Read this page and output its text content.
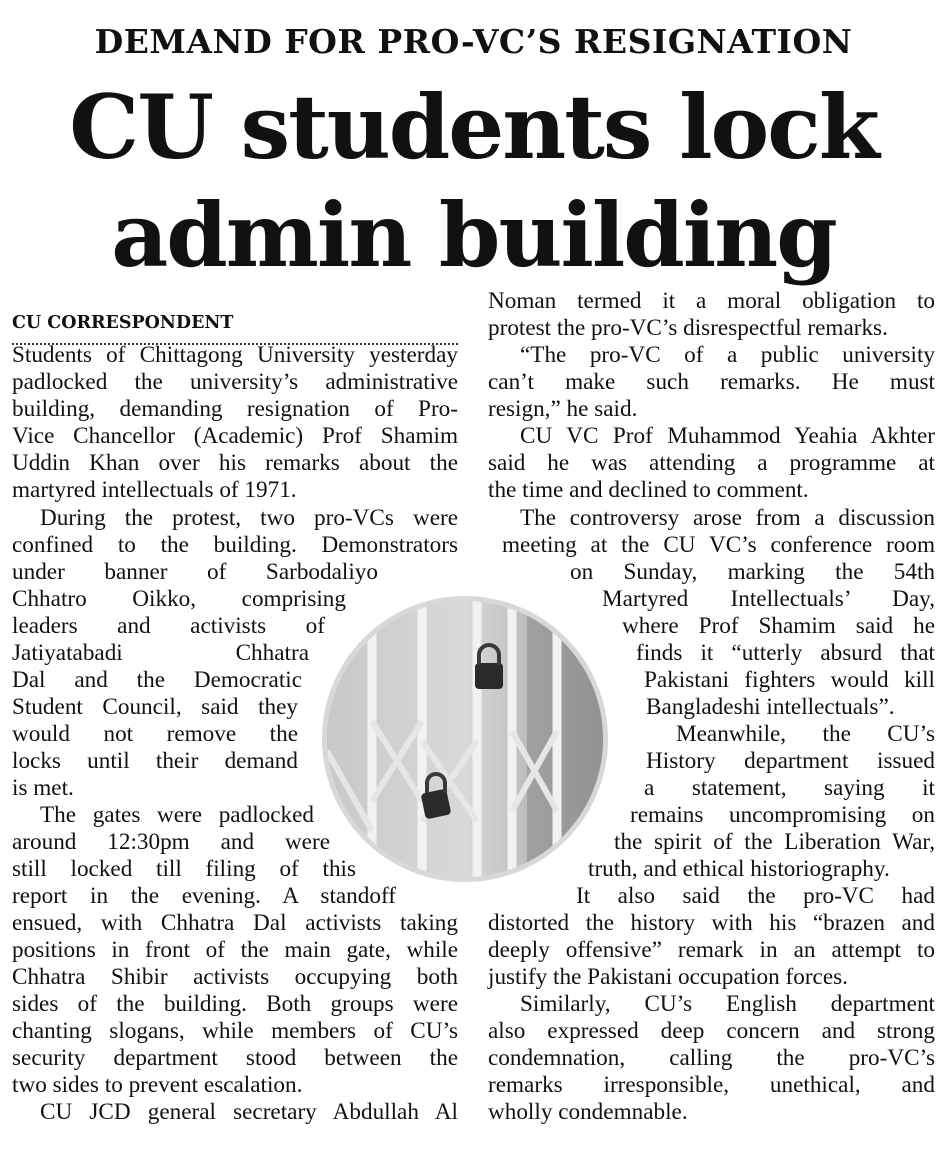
DEMAND FOR PRO-VC’S RESIGNATION
CU students lock
admin building
CU CORRESPONDENT
Students of Chittagong University yesterday
padlocked the university’s administrative
building, demanding resignation of Pro-
Vice Chancellor (Academic) Prof Shamim
Uddin Khan over his remarks about the
martyred intellectuals of 1971.
During the protest, two pro-VCs were
confined to the building. Demonstrators
under banner of Sarbodaliyo
Chhatro Oikko, comprising
leaders and activists of
Jatiyatabadi Chhatra
Dal and the Democratic
Student Council, said they
would not remove the
locks until their demand
is met.
The gates were padlocked
around 12:30pm and were
still locked till filing of this
report in the evening. A standoff
ensued, with Chhatra Dal activists taking
positions in front of the main gate, while
Chhatra Shibir activists occupying both
sides of the building. Both groups were
chanting slogans, while members of CU’s
security department stood between the
two sides to prevent escalation.
CU JCD general secretary Abdullah Al
Noman termed it a moral obligation to
protest the pro-VC’s disrespectful remarks.
“The pro-VC of a public university
can’t make such remarks. He must
resign,” he said.
CU VC Prof Muhammod Yeahia Akhter
said he was attending a programme at
the time and declined to comment.
The controversy arose from a discussion
meeting at the CU VC’s conference room
on Sunday, marking the 54th
Martyred Intellectuals’ Day,
where Prof Shamim said he
finds it “utterly absurd that
Pakistani fighters would kill
Bangladeshi intellectuals”.
Meanwhile, the CU’s
History department issued
a statement, saying it
remains uncompromising on
the spirit of the Liberation War,
truth, and ethical historiography.
It also said the pro-VC had
distorted the history with his “brazen and
deeply offensive” remark in an attempt to
justify the Pakistani occupation forces.
Similarly, CU’s English department
also expressed deep concern and strong
condemnation, calling the pro-VC’s
remarks irresponsible, unethical, and
wholly condemnable.
